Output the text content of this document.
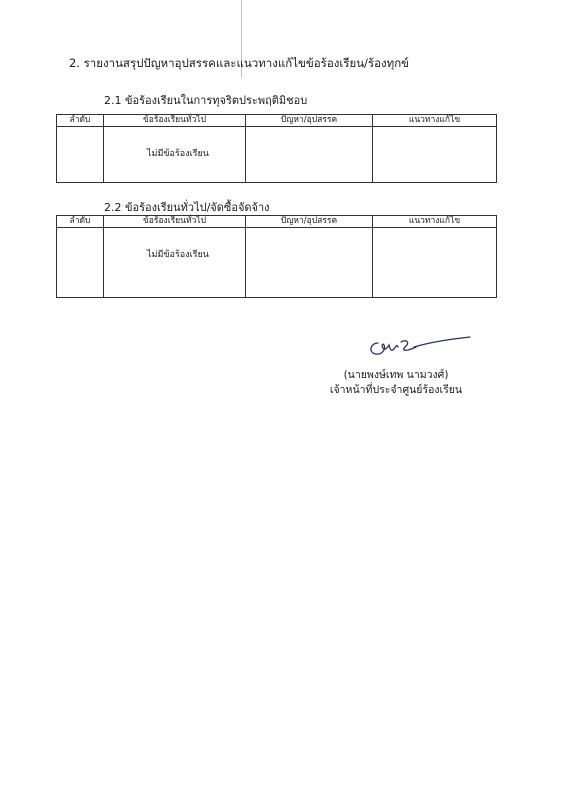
2. รายงานสรุปปัญหาอุปสรรคและแนวทางแก้ไขข้อร้องเรียน/ร้องทุกข์
2.1 ข้อร้องเรียนในการทุจริตประพฤติมิชอบ
ลำดับ	ข้อร้องเรียนทั่วไป	ปัญหา/อุปสรรค	แนวทางแก้ไข
	ไม่มีข้อร้องเรียน		
2.2 ข้อร้องเรียนทั่วไป/จัดซื้อจัดจ้าง
ลำดับ	ข้อร้องเรียนทั่วไป	ปัญหา/อุปสรรค	แนวทางแก้ไข
	ไม่มีข้อร้องเรียน		
(นายพงษ์เทพ นามวงศ์)
เจ้าหน้าที่ประจำศูนย์ร้องเรียน
